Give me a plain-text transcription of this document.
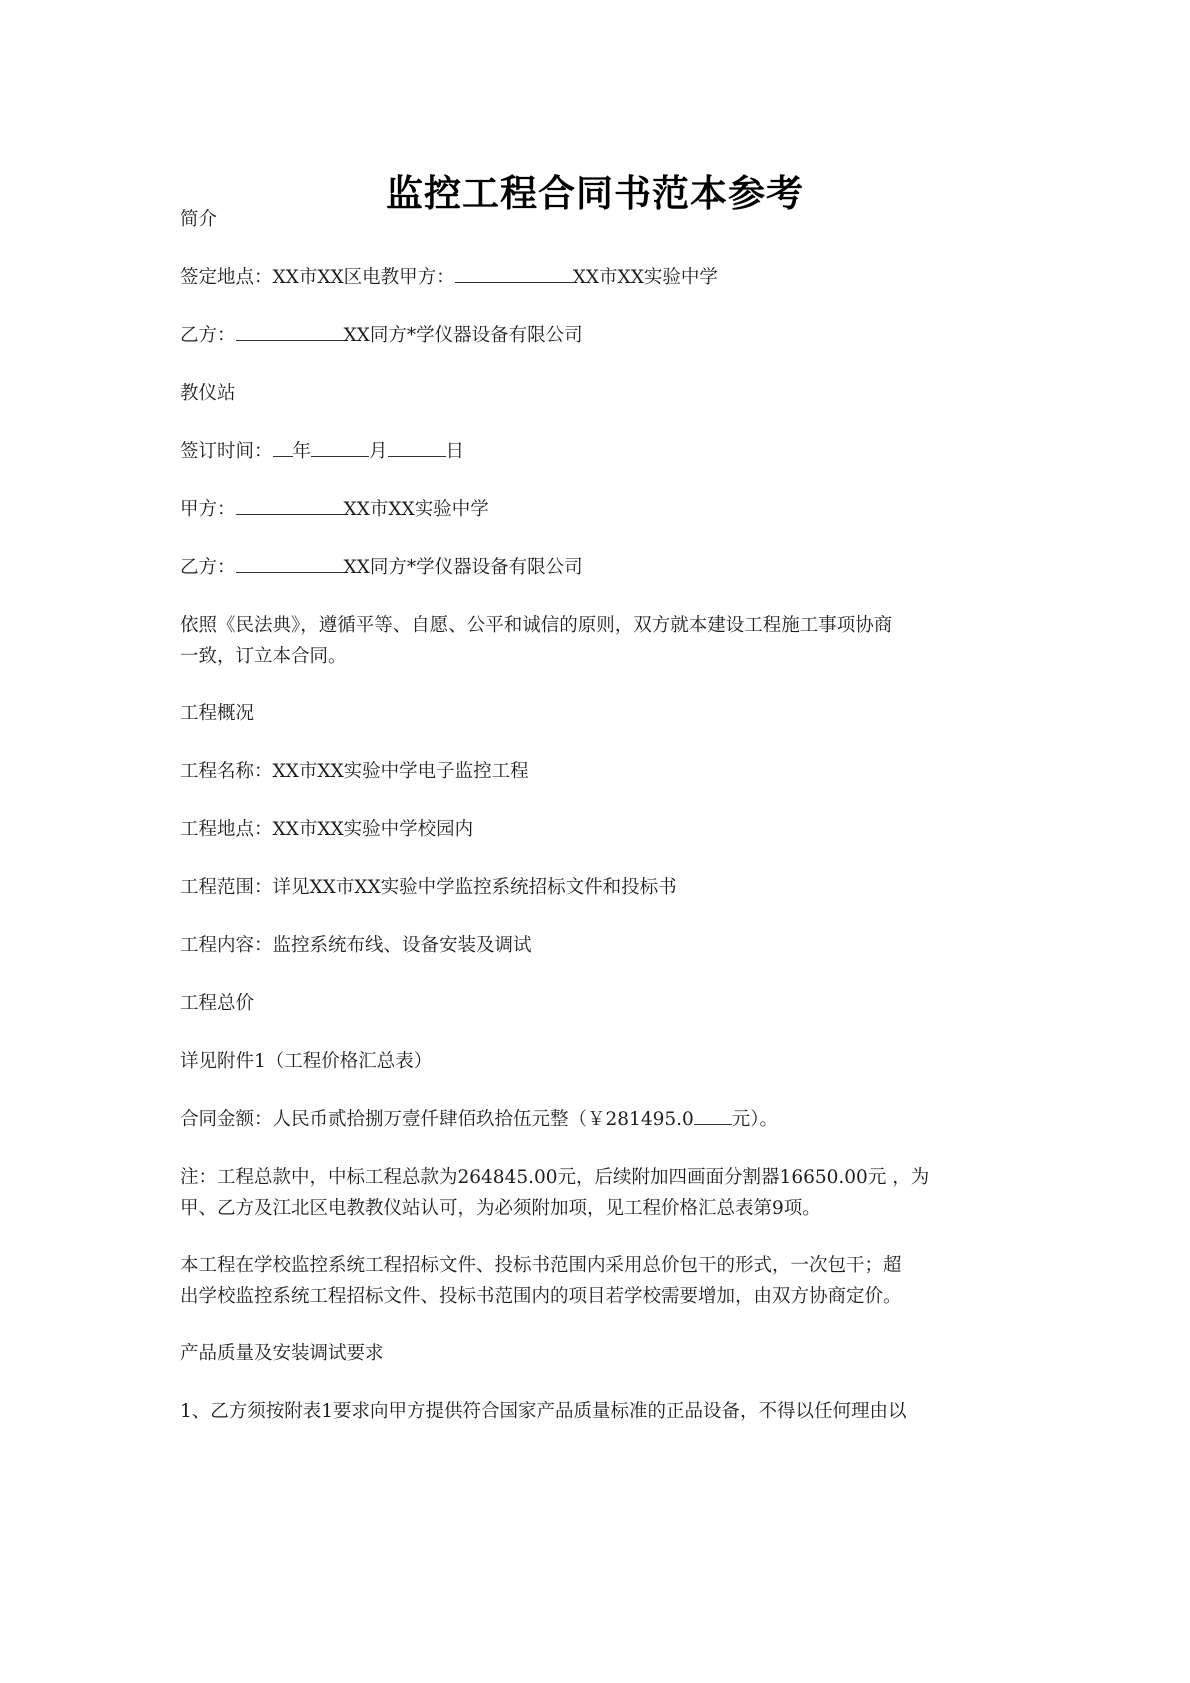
监控工程合同书范本参考
简介
签定地点：XX市XX区电教甲方：	XX市XX实验中学
乙方：	XX同方*学仪器设备有限公司
教仪站
签订时间： 年	月	日
甲方：	XX市XX实验中学
乙方：	XX同方*学仪器设备有限公司
依照《民法典》，遵循平等、自愿、公平和诚信的原则，双方就本建设工程施工事项协商
一致，订立本合同。
工程概况
工程名称：XX市XX实验中学电子监控工程
工程地点：XX市XX实验中学校园内
工程范围：详见XX市XX实验中学监控系统招标文件和投标书
工程内容：监控系统布线、设备安装及调试
工程总价
详见附件1（工程价格汇总表）
合同金额：人民币贰拾捌万壹仟肆佰玖拾伍元整（￥281495.0 元）。
注：工程总款中，中标工程总款为264845.00元，后续附加四画面分割器16650.00元 ，为
甲、乙方及江北区电教教仪站认可，为必须附加项，见工程价格汇总表第9项。
本工程在学校监控系统工程招标文件、投标书范围内采用总价包干的形式，一次包干；超
出学校监控系统工程招标文件、投标书范围内的项目若学校需要增加，由双方协商定价。
产品质量及安装调试要求
1、乙方须按附表1要求向甲方提供符合国家产品质量标准的正品设备，不得以任何理由以
